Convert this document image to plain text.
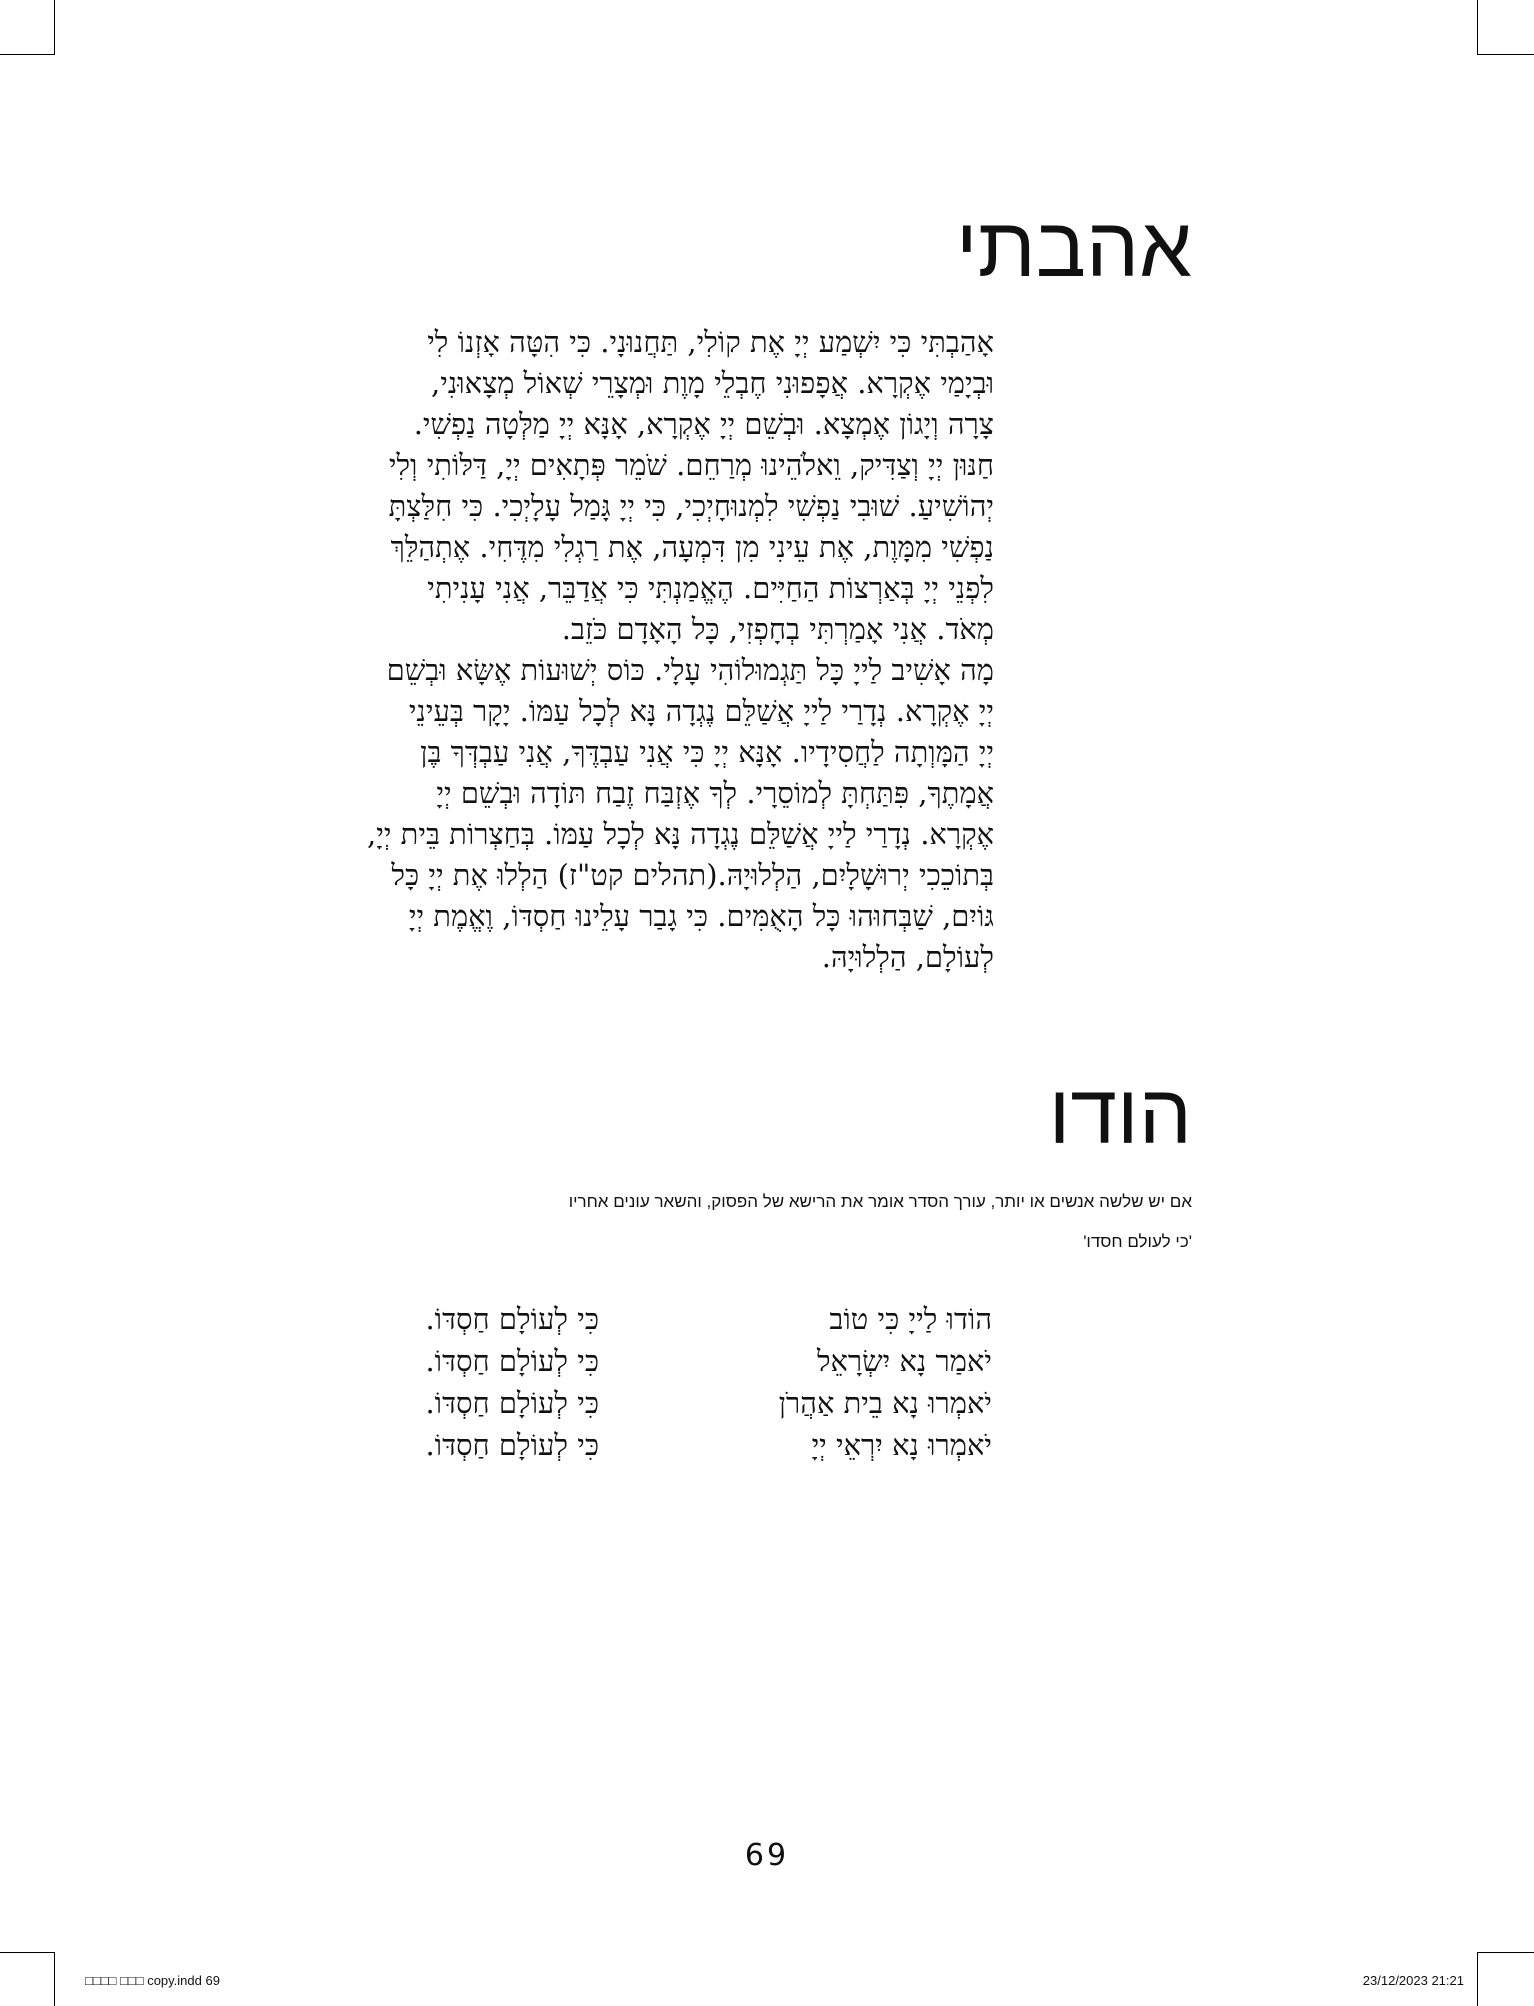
אהבתי
אָהַבְתִּי כִּי יִשְׁמַע יְיָ אֶת קוֹלִי, תַּחֲנוּנָי. כִּי הִטָּה אָזְנוֹ לִי
וּבְיָמַי אֶקְרָא. אֲפָפוּנִי חֶבְלֵי מָוֶת וּמְצָרֵי שְׁאוֹל מְצָאוּנִי,
צָרָה וְיָגוֹן אֶמְצָא. וּבְשֵׁם יְיָ אֶקְרָא, אָנָּא יְיָ מַלְּטָה נַפְשִׁי.
חַנּוּן יְיָ וְצַדִּיק, וֵאלֹהֵינוּ מְרַחֵם. שֹׁמֵר פְּתָאִים יְיָ, דַּלּוֹתִי וְלִי
יְהוֹשִׁיעַ. שׁוּבִי נַפְשִׁי לִמְנוּחָיְכִי, כִּי יְיָ גָּמַל עָלָיְכִי. כִּי חִלַּצְתָּ
נַפְשִׁי מִמָּוֶת, אֶת עֵינִי מִן דִּמְעָה, אֶת רַגְלִי מִדֶּחִי. אֶתְהַלֵּךְ
לִפְנֵי יְיָ בְּאַרְצוֹת הַחַיִּים. הֶאֱמַנְתִּי כִּי אֲדַבֵּר, אֲנִי עָנִיתִי
מְאֹד. אֲנִי אָמַרְתִּי בְחָפְזִי, כָּל הָאָדָם כֹּזֵב.
מָה אָשִׁיב לַייָ כָּל תַּגְמוּלוֹהִי עָלָי. כּוֹס יְשׁוּעוֹת אֶשָּׂא וּבְשֵׁם
יְיָ אֶקְרָא. נְדָרַי לַייָ אֲשַׁלֵּם נֶגְדָה נָּא לְכָל עַמּוֹ. יָקָר בְּעֵינֵי
יְיָ הַמָּוְתָה לַחֲסִידָיו. אָנָּא יְיָ כִּי אֲנִי עַבְדֶּךָ, אֲנִי עַבְדְּךָ בֶּן
אֲמָתֶךָ, פִּתַּחְתָּ לְמוֹסֵרָי. לְךָ אֶזְבַּח זֶבַח תּוֹדָה וּבְשֵׁם יְיָ
אֶקְרָא. נְדָרַי לַייָ אֲשַׁלֵּם נֶגְדָה נָּא לְכָל עַמּוֹ. בְּחַצְרוֹת בֵּית יְיָ,
בְּתוֹכֵכִי יְרוּשָׁלָיִם, הַלְלוּיָהּ.(תהלים קט"ז) הַלְלוּ אֶת יְיָ כָּל
גּוֹיִם, שַׁבְּחוּהוּ כָּל הָאֻמִּים. כִּי גָבַר עָלֵינוּ חַסְדּוֹ, וֶאֱמֶת יְיָ
לְעוֹלָם, הַלְלוּיָהּ.
הודו
אם יש שלשה אנשים או יותר, עורך הסדר אומר את הרישא של הפסוק, והשאר עונים אחריו
'כי לעולם חסדו'
הוֹדוּ לַייָ כִּי טוֹב
יֹאמַר נָא יִשְׂרָאֵל
יֹאמְרוּ נָא בֵית אַהֲרֹן
יֹאמְרוּ נָא יִרְאֵי יְיָ
כִּי לְעוֹלָם חַסְדּוֹ.
כִּי לְעוֹלָם חַסְדּוֹ.
כִּי לְעוֹלָם חַסְדּוֹ.
כִּי לְעוֹלָם חַסְדּוֹ.
69
□□□□ □□□ copy.indd 69	23/12/2023 21:21
